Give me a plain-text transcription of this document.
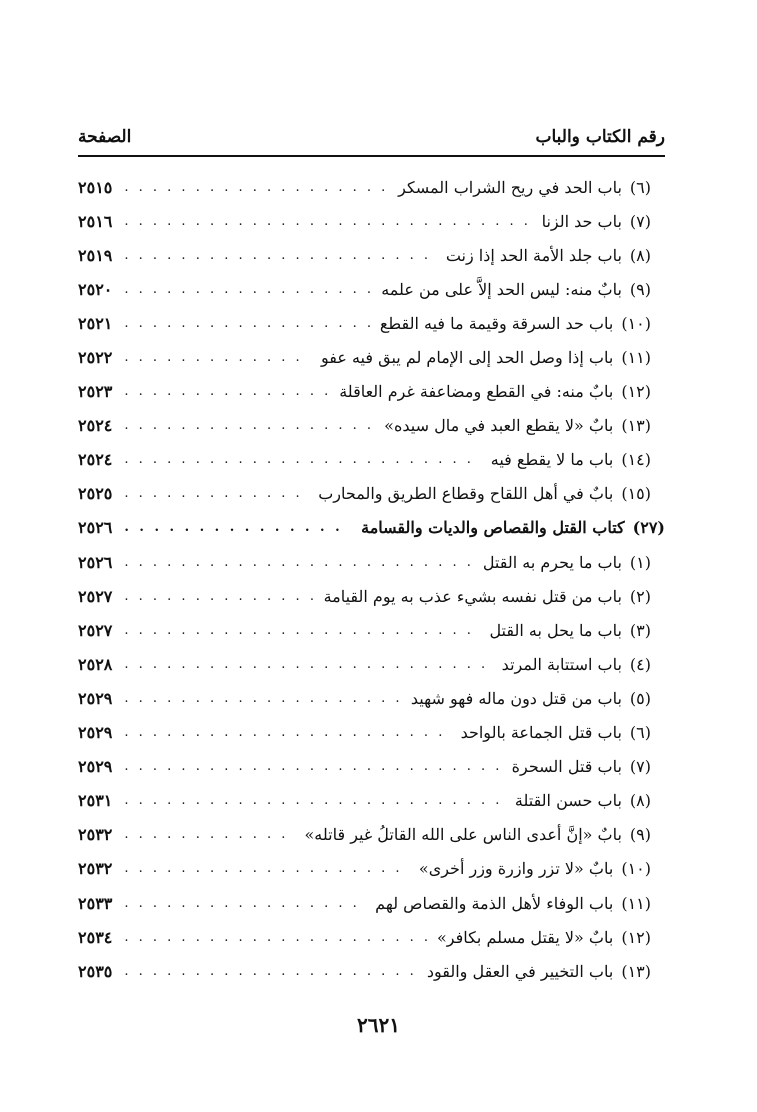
رقم الكتاب والباب
الصفحة
(٦)
باب الحد في ريح الشراب المسكر
. . .
٢٥١٥
(٧)
باب حد الزنا
. . .
٢٥١٦
(٨)
باب جلد الأمة الحد إذا زنت
. . .
٢٥١٩
(٩)
بابٌ منه: ليس الحد إلاَّ على من علمه
. . .
٢٥٢٠
(١٠)
باب حد السرقة وقيمة ما فيه القطع
. . .
٢٥٢١
(١١)
باب إذا وصل الحد إلى الإمام لم يبق فيه عفو
. . .
٢٥٢٢
(١٢)
بابٌ منه: في القطع ومضاعفة غرم العاقلة
. . .
٢٥٢٣
(١٣)
بابٌ «لا يقطع العبد في مال سيده»
. . .
٢٥٢٤
(١٤)
باب ما لا يقطع فيه
. . .
٢٥٢٤
(١٥)
بابٌ في أهل اللقاح وقطاع الطريق والمحارب
. . .
٢٥٢٥
(٢٧)
كتاب القتل والقصاص والديات والقسامة
. . .
٢٥٢٦
(١)
باب ما يحرم به القتل
. . .
٢٥٢٦
(٢)
باب من قتل نفسه بشيء عذب به يوم القيامة
. . .
٢٥٢٧
(٣)
باب ما يحل به القتل
. . .
٢٥٢٧
(٤)
باب استتابة المرتد
. . .
٢٥٢٨
(٥)
باب من قتل دون ماله فهو شهيد
. . .
٢٥٢٩
(٦)
باب قتل الجماعة بالواحد
. . .
٢٥٢٩
(٧)
باب قتل السحرة
. . .
٢٥٢٩
(٨)
باب حسن القتلة
. . .
٢٥٣١
(٩)
بابٌ «إنَّ أعدى الناس على الله القاتلُ غير قاتله»
. . .
٢٥٣٢
(١٠)
بابٌ «لا تزر وازرة وزر أخرى»
. . .
٢٥٣٢
(١١)
باب الوفاء لأهل الذمة والقصاص لهم
. . .
٢٥٣٣
(١٢)
بابٌ «لا يقتل مسلم بكافر»
. . .
٢٥٣٤
(١٣)
باب التخيير في العقل والقود
. . .
٢٥٣٥
٢٦٢١
